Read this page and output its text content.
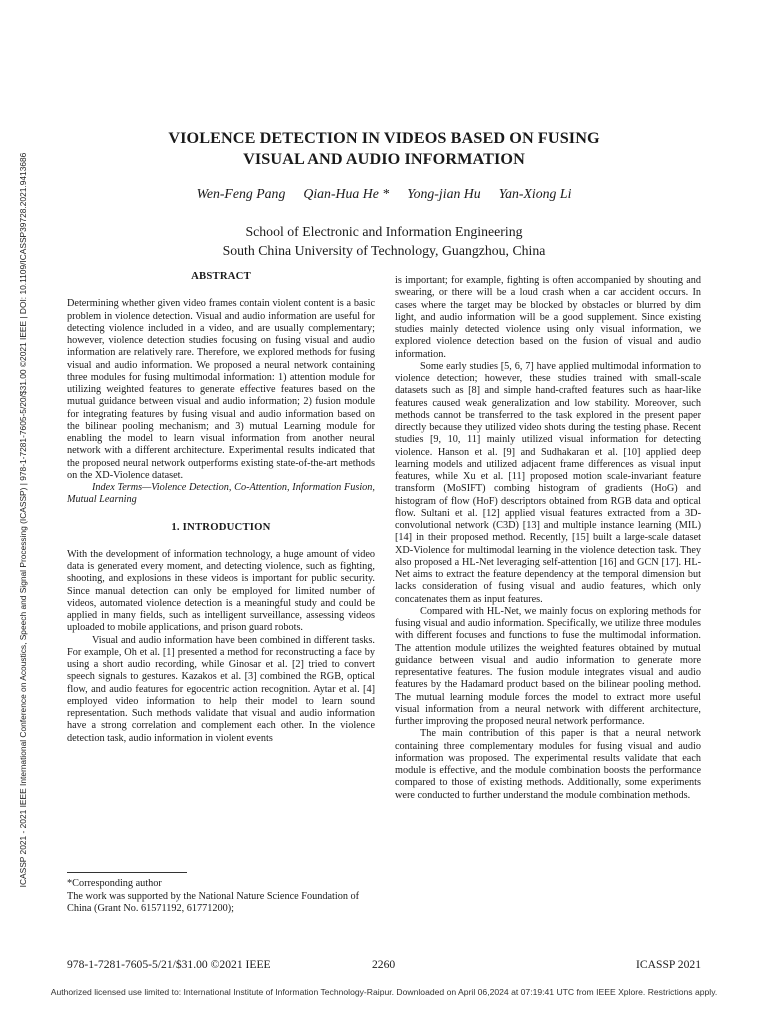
ICASSP 2021 - 2021 IEEE International Conference on Acoustics, Speech and Signal Processing (ICASSP) | 978-1-7281-7605-5/20/$31.00 ©2021 IEEE | DOI: 10.1109/ICASSP39728.2021.9413686
VIOLENCE DETECTION IN VIDEOS BASED ON FUSING
VISUAL AND AUDIO INFORMATION
Wen-Feng Pang Qian-Hua He * Yong-jian Hu Yan-Xiong Li
School of Electronic and Information Engineering
South China University of Technology, Guangzhou, China
ABSTRACT

Determining whether given video frames contain violent content is a basic problem in violence detection. Visual and audio information are useful for detecting violence included in a video, and are usually complementary; however, violence detection studies focusing on fusing visual and audio information are relatively rare. Therefore, we explored methods for fusing visual and audio information. We proposed a neural network containing three modules for fusing multimodal information: 1) attention module for utilizing weighted features to generate effective features based on the mutual guidance between visual and audio information; 2) fusion module for integrating features by fusing visual and audio information based on the bilinear pooling mechanism; and 3) mutual Learning module for enabling the model to learn visual information from another neural network with a different architecture. Experimental results indicated that the proposed neural network outperforms existing state-of-the-art methods on the XD-Violence dataset.

Index Terms—Violence Detection, Co-Attention, Information Fusion, Mutual Learning

1. INTRODUCTION

With the development of information technology, a huge amount of video data is generated every moment, and detecting violence, such as fighting, shooting, and explosions in these videos is important for public security. Since manual detection can only be employed for limited number of videos, automated violence detection is a meaningful study and could be applied in many fields, such as intelligent surveillance, assessing videos uploaded to mobile applications, and prison guard robots.

Visual and audio information have been combined in different tasks. For example, Oh et al. [1] presented a method for reconstructing a face by using a short audio recording, while Ginosar et al. [2] tried to convert speech signals to gestures. Kazakos et al. [3] combined the RGB, optical flow, and audio features for egocentric action recognition. Aytar et al. [4] employed video information to help their model to learn sound representation. Such methods validate that visual and audio information have a strong correlation and complement each other. In the violence detection task, audio information in violent events

is important; for example, fighting is often accompanied by shouting and swearing, or there will be a loud crash when a car accident occurs. In cases where the target may be blocked by obstacles or blurred by dim light, and audio information will be a good supplement. Since existing studies mainly detected violence using only visual information, we explored violence detection based on the fusion of visual and audio information.

Some early studies [5, 6, 7] have applied multimodal information to violence detection; however, these studies trained with small-scale datasets such as [8] and simple hand-crafted features such as haar-like features caused weak generalization and low stability. Moreover, such methods cannot be transferred to the task explored in the present paper directly because they utilized video shots during the testing phase. Recent studies [9, 10, 11] mainly utilized visual information for detecting violence. Hanson et al. [9] and Sudhakaran et al. [10] applied deep learning models and utilized adjacent frame differences as visual input features, while Xu et al. [11] proposed motion scale-invariant feature transform (MoSIFT) combing histogram of gradients (HoG) and histogram of flow (HoF) descriptors obtained from RGB data and optical flow. Sultani et al. [12] applied visual features extracted from a 3D-convolutional network (C3D) [13] and multiple instance learning (MIL) [14] in their proposed method. Recently, [15] built a large-scale dataset XD-Violence for multimodal learning in the violence detection task. They also proposed a HL-Net leveraging self-attention [16] and GCN [17]. HL-Net aims to extract the feature dependency at the temporal dimension but lacks consideration of fusing visual and audio features, which only concatenates them as input features.

Compared with HL-Net, we mainly focus on exploring methods for fusing visual and audio information. Specifically, we utilize three modules with different focuses and functions to fuse the multimodal information. The attention module utilizes the weighted features obtained by mutual guidance between visual and audio information to generate more representative features. The fusion module integrates visual and audio features by the Hadamard product based on the bilinear pooling method. The mutual learning module forces the model to extract more useful visual information from a neural network with different architecture, further improving the proposed neural network performance.

The main contribution of this paper is that a neural network containing three complementary modules for fusing visual and audio information was proposed. The experimental results validate that each module is effective, and the module combination boosts the performance compared to those of existing methods. Additionally, some experiments were conducted to further understand the module combination methods.

*Corresponding author
The work was supported by the National Nature Science Foundation of China (Grant No. 61571192, 61771200);
978-1-7281-7605-5/21/$31.00 ©2021 IEEE	2260	ICASSP 2021
Authorized licensed use limited to: International Institute of Information Technology-Raipur. Downloaded on April 06,2024 at 07:19:41 UTC from IEEE Xplore. Restrictions apply.
